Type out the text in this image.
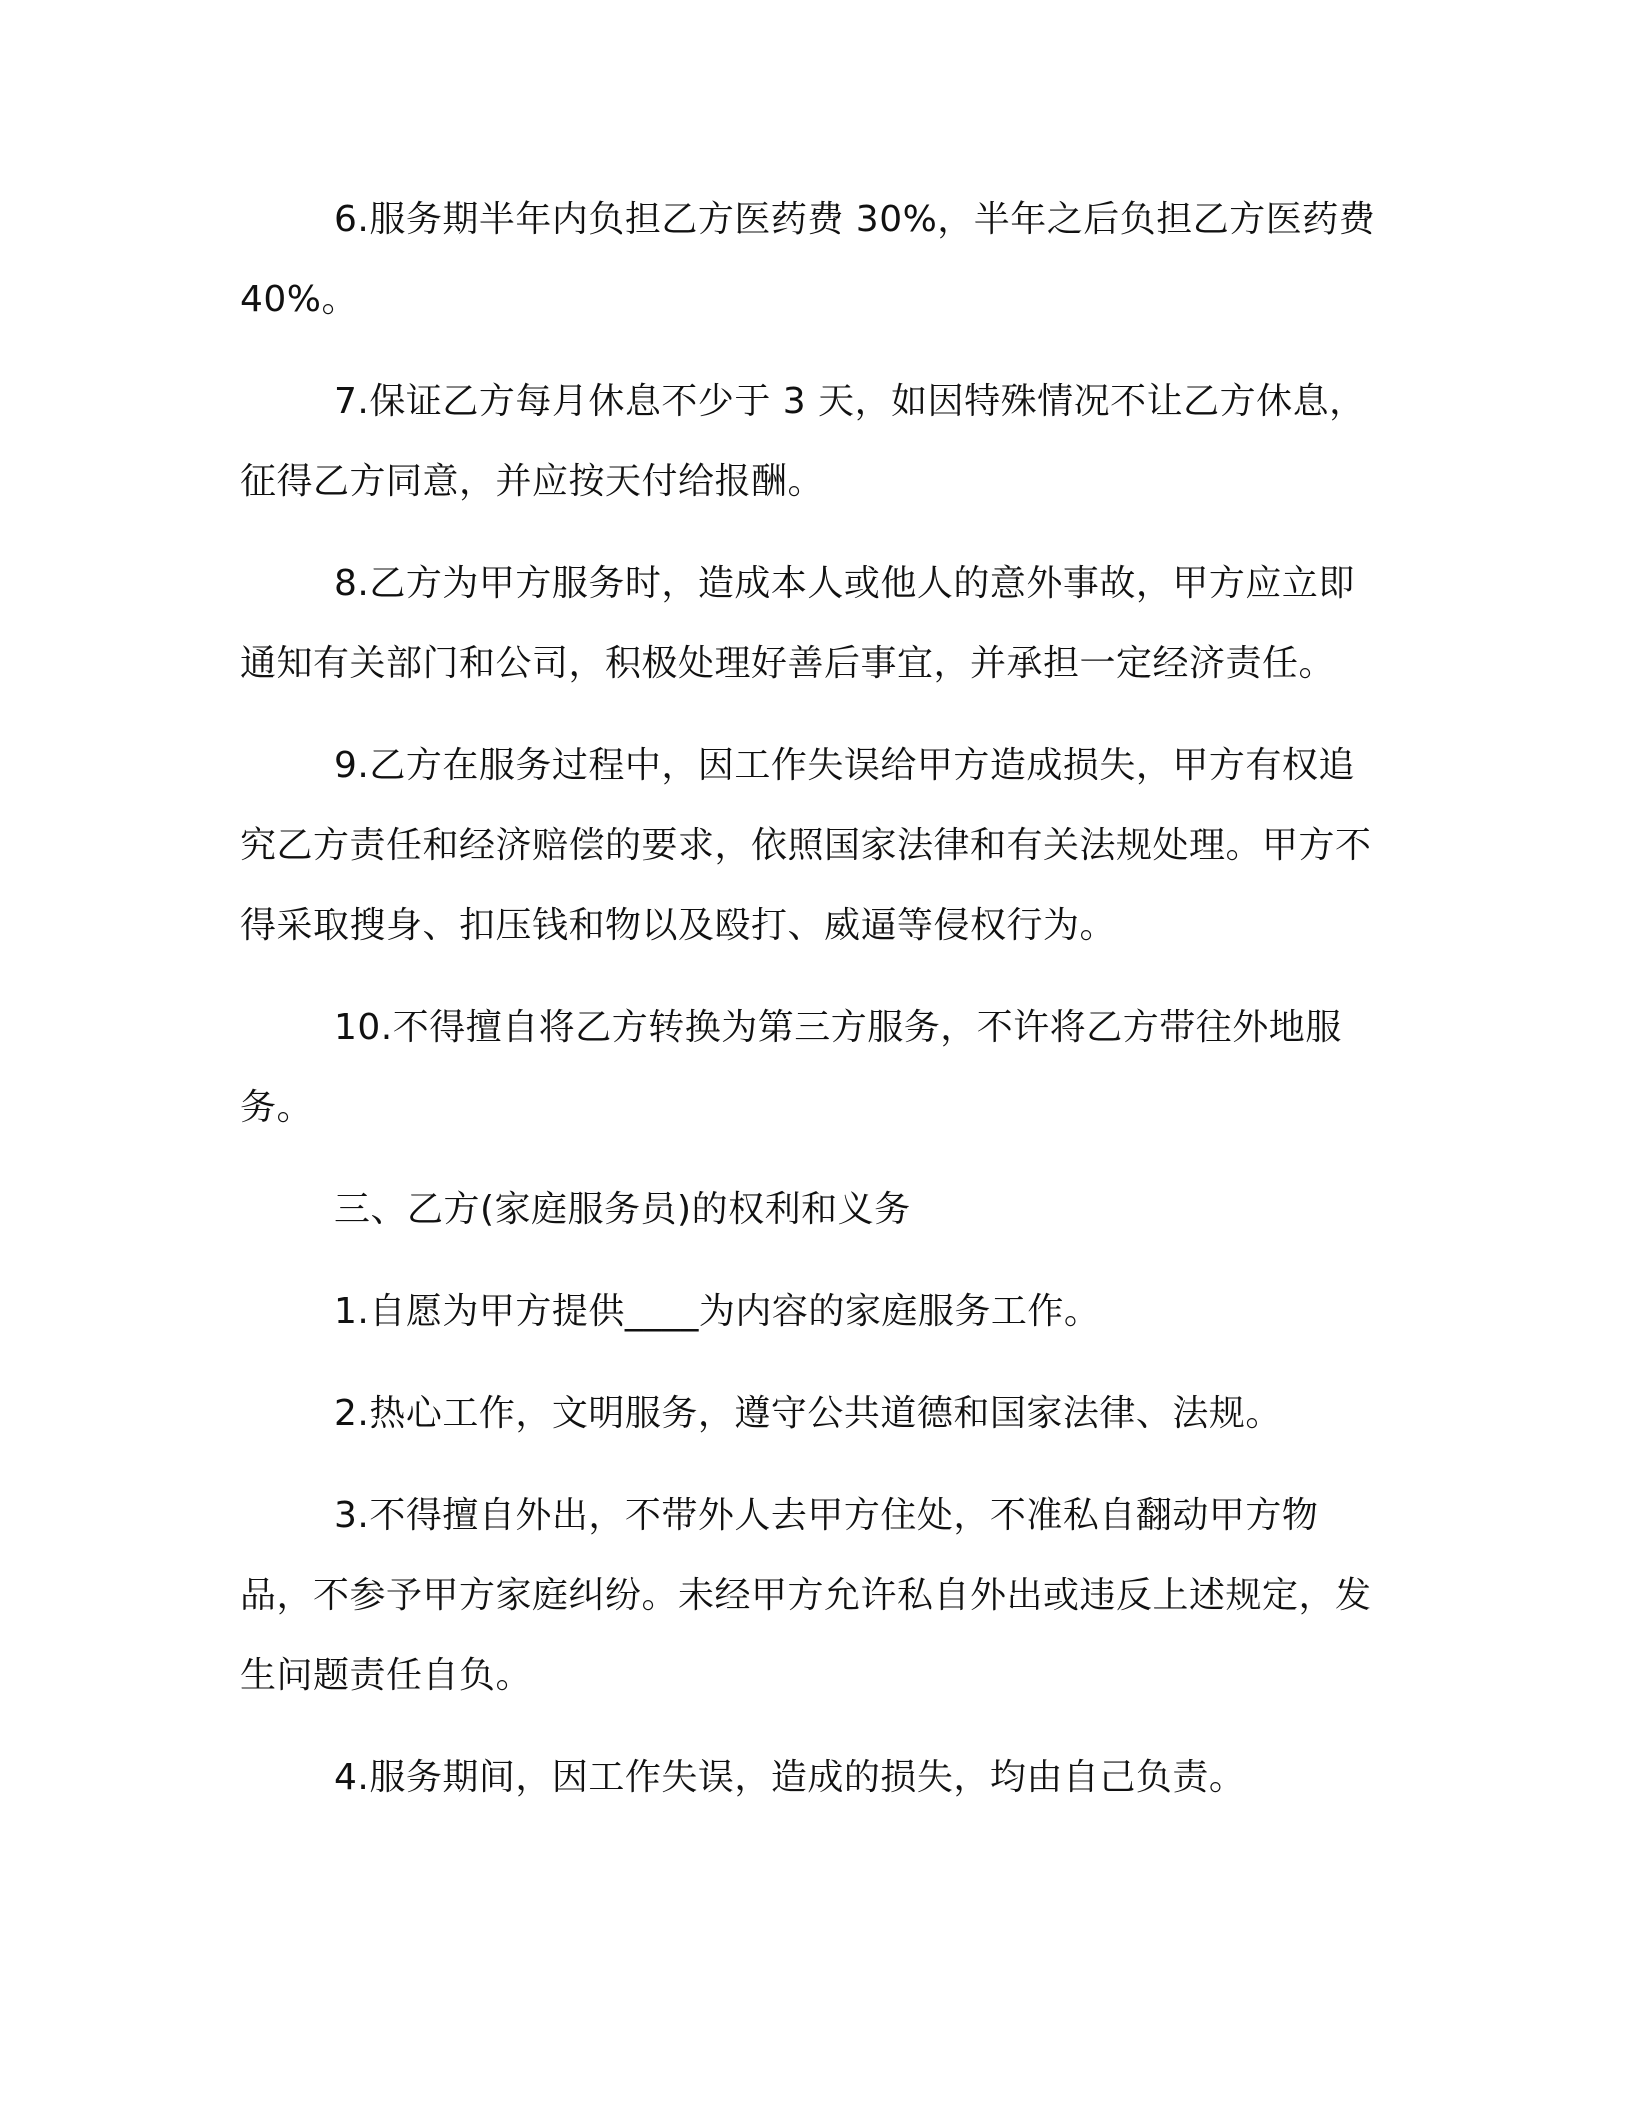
6.服务期半年内负担乙方医药费 30%，半年之后负担乙方医药费 40%。

7.保证乙方每月休息不少于 3 天，如因特殊情况不让乙方休息，征得乙方同意，并应按天付给报酬。

8.乙方为甲方服务时，造成本人或他人的意外事故，甲方应立即通知有关部门和公司，积极处理好善后事宜，并承担一定经济责任。

9.乙方在服务过程中，因工作失误给甲方造成损失，甲方有权追究乙方责任和经济赔偿的要求，依照国家法律和有关法规处理。甲方不得采取搜身、扣压钱和物以及殴打、威逼等侵权行为。

10.不得擅自将乙方转换为第三方服务，不许将乙方带往外地服务。

三、乙方(家庭服务员)的权利和义务

1.自愿为甲方提供____为内容的家庭服务工作。

2.热心工作，文明服务，遵守公共道德和国家法律、法规。

3.不得擅自外出，不带外人去甲方住处，不准私自翻动甲方物品，不参予甲方家庭纠纷。未经甲方允许私自外出或违反上述规定，发生问题责任自负。

4.服务期间，因工作失误，造成的损失，均由自己负责。
